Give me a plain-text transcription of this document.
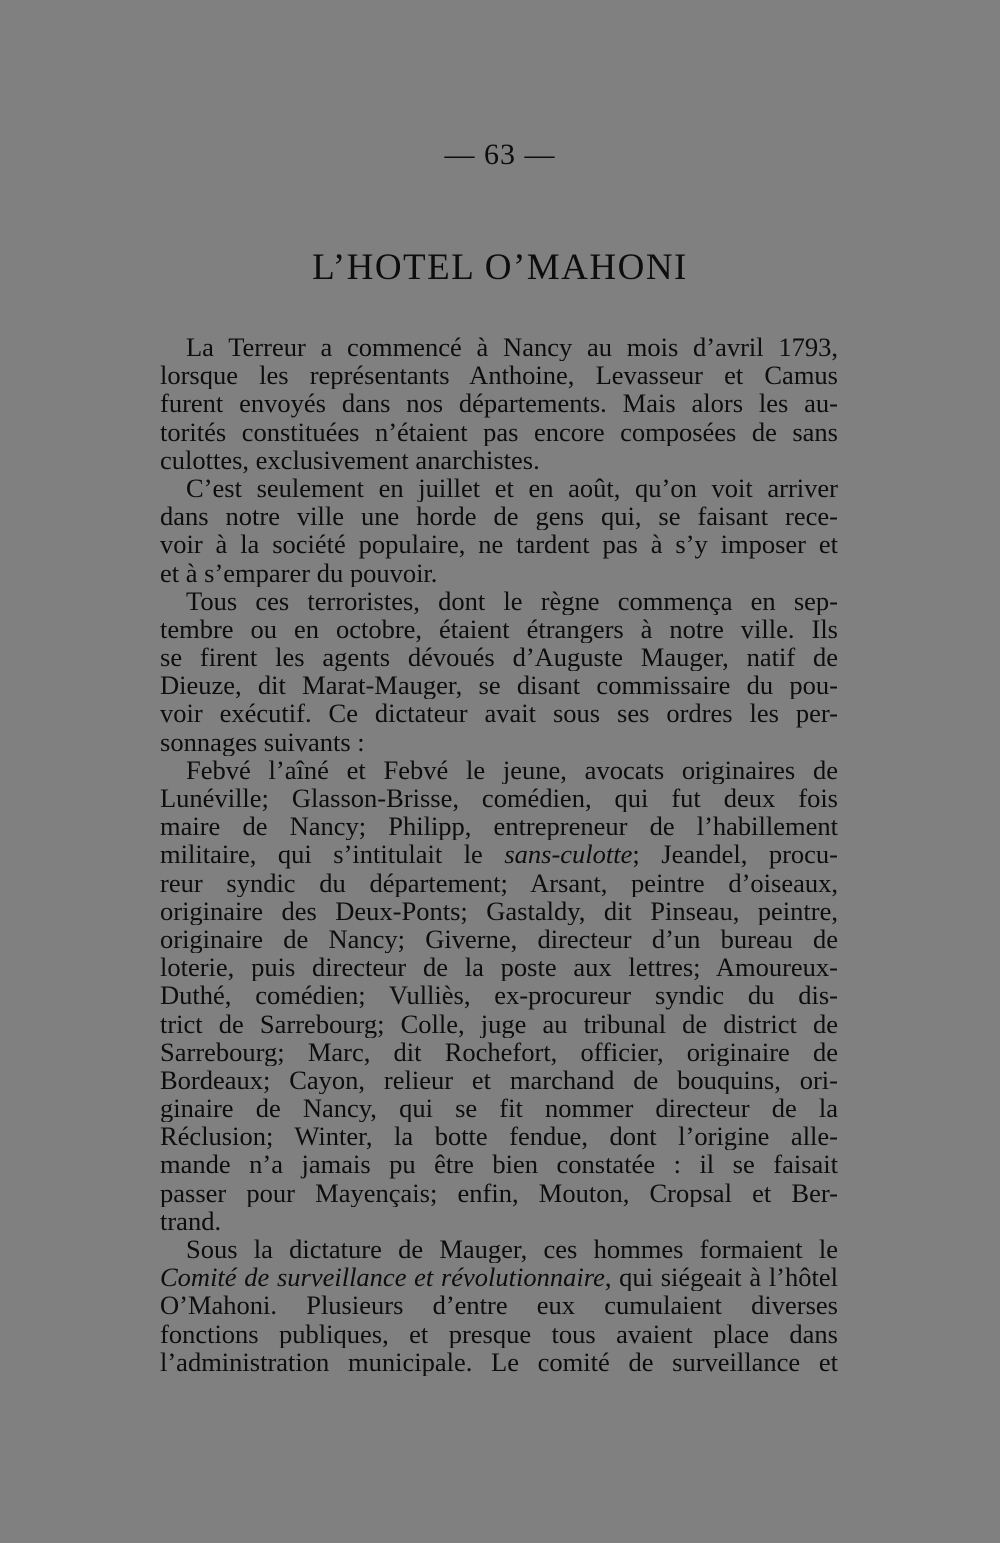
— 63 —
L’HOTEL O’MAHONI
La Terreur a commencé à Nancy au mois d’avril 1793,
lorsque les représentants Anthoine, Levasseur et Camus
furent envoyés dans nos départements. Mais alors les au-
torités constituées n’étaient pas encore composées de sans
culottes, exclusivement anarchistes.
C’est seulement en juillet et en août, qu’on voit arriver
dans notre ville une horde de gens qui, se faisant rece-
voir à la société populaire, ne tardent pas à s’y imposer et
et à s’emparer du pouvoir.
Tous ces terroristes, dont le règne commença en sep-
tembre ou en octobre, étaient étrangers à notre ville. Ils
se firent les agents dévoués d’Auguste Mauger, natif de
Dieuze, dit Marat-Mauger, se disant commissaire du pou-
voir exécutif. Ce dictateur avait sous ses ordres les per-
sonnages suivants :
Febvé l’aîné et Febvé le jeune, avocats originaires de
Lunéville; Glasson-Brisse, comédien, qui fut deux fois
maire de Nancy; Philipp, entrepreneur de l’habillement
militaire, qui s’intitulait le sans-culotte; Jeandel, procu-
reur syndic du département; Arsant, peintre d’oiseaux,
originaire des Deux-Ponts; Gastaldy, dit Pinseau, peintre,
originaire de Nancy; Giverne, directeur d’un bureau de
loterie, puis directeur de la poste aux lettres; Amoureux-
Duthé, comédien; Vulliès, ex-procureur syndic du dis-
trict de Sarrebourg; Colle, juge au tribunal de district de
Sarrebourg; Marc, dit Rochefort, officier, originaire de
Bordeaux; Cayon, relieur et marchand de bouquins, ori-
ginaire de Nancy, qui se fit nommer directeur de la
Réclusion; Winter, la botte fendue, dont l’origine alle-
mande n’a jamais pu être bien constatée : il se faisait
passer pour Mayençais; enfin, Mouton, Cropsal et Ber-
trand.
Sous la dictature de Mauger, ces hommes formaient le
Comité de surveillance et révolutionnaire, qui siégeait à l’hôtel
O’Mahoni. Plusieurs d’entre eux cumulaient diverses
fonctions publiques, et presque tous avaient place dans
l’administration municipale. Le comité de surveillance et
